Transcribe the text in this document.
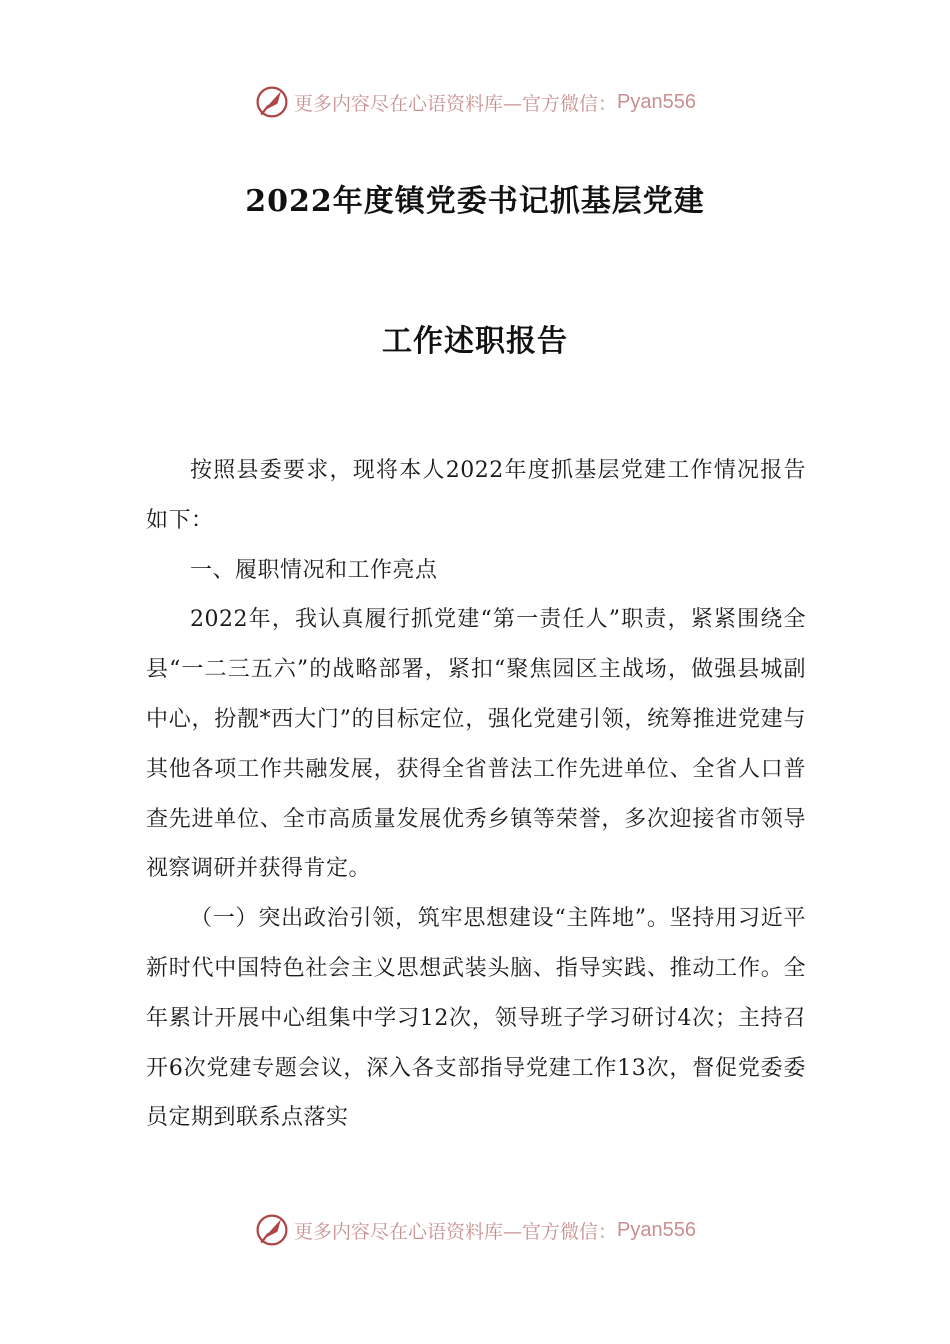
更多内容尽在心语资料库—官方微信： Pyan556
2022年度镇党委书记抓基层党建
工作述职报告

按照县委要求，现将本人2022年度抓基层党建工作情况报告如下：

一、履职情况和工作亮点

2022年，我认真履行抓党建“第一责任人”职责，紧紧围绕全县“一二三五六”的战略部署，紧扣“聚焦园区主战场，做强县城副中心，扮靓*西大门”的目标定位，强化党建引领，统筹推进党建与其他各项工作共融发展，获得全省普法工作先进单位、全省人口普查先进单位、全市高质量发展优秀乡镇等荣誉，多次迎接省市领导视察调研并获得肯定。

（一）突出政治引领，筑牢思想建设“主阵地”。坚持用习近平新时代中国特色社会主义思想武装头脑、指导实践、推动工作。全年累计开展中心组集中学习12次，领导班子学习研讨4次；主持召开6次党建专题会议，深入各支部指导党建工作13次，督促党委委员定期到联系点落实

更多内容尽在心语资料库—官方微信： Pyan556
